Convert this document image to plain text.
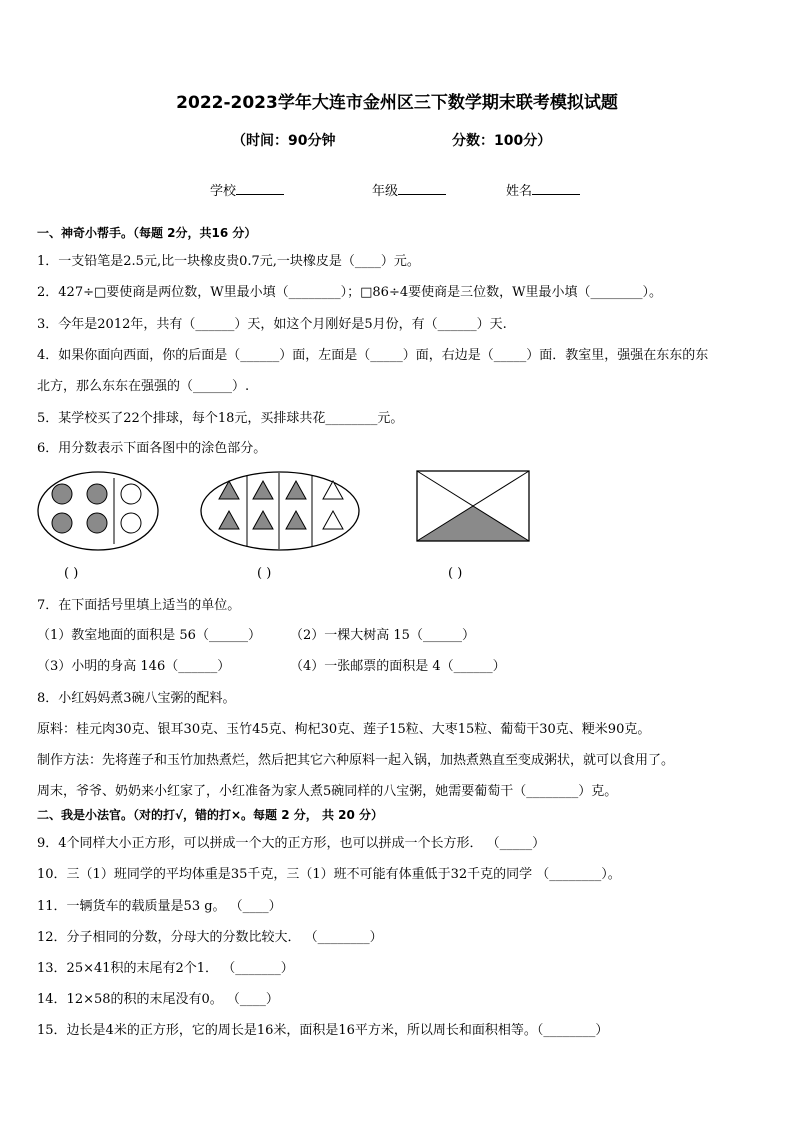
2022-2023学年大连市金州区三下数学期末联考模拟试题
（时间：90分钟	分数：100分）
学校	年级	姓名
一、神奇小帮手。（每题 2分，共16 分）
1．一支铅笔是2.5元,比一块橡皮贵0.7元,一块橡皮是（____）元。
2．427÷□要使商是两位数，W里最小填（________）；□86÷4要使商是三位数，W里最小填（________）。
3．今年是2012年，共有（______）天，如这个月刚好是5月份，有（______）天.
4．如果你面向西面，你的后面是（______）面，左面是（_____）面，右边是（_____）面．教室里，强强在东东的东
北方，那么东东在强强的（______）.
5．某学校买了22个排球，每个18元，买排球共花________元。
6．用分数表示下面各图中的涂色部分。
( )	( )	( )
7．在下面括号里填上适当的单位。
（1）教室地面的面积是 56（______） （2）一棵大树高 15（______）
（3）小明的身高 146（______）	（4）一张邮票的面积是 4（______）
8．小红妈妈煮3碗八宝粥的配料。
原料：桂元肉30克、银耳30克、玉竹45克、枸杞30克、莲子15粒、大枣15粒、葡萄干30克、粳米90克。
制作方法：先将莲子和玉竹加热煮烂，然后把其它六种原料一起入锅，加热煮熟直至变成粥状，就可以食用了。
周末，爷爷、奶奶来小红家了，小红准备为家人煮5碗同样的八宝粥，她需要葡萄干（________）克。
二、我是小法官。（对的打√，错的打×。每题 2 分， 共 20 分）
9．4个同样大小正方形，可以拼成一个大的正方形，也可以拼成一个长方形． （_____）
10．三（1）班同学的平均体重是35千克，三（1）班不可能有体重低于32千克的同学 （________）。
11．一辆货车的载质量是53 g。 （____）
12．分子相同的分数，分母大的分数比较大． （________）
13．25×41积的末尾有2个1． （_______）
14．12×58的积的末尾没有0。 （____）
15．边长是4米的正方形，它的周长是16米，面积是16平方米，所以周长和面积相等。（________）
